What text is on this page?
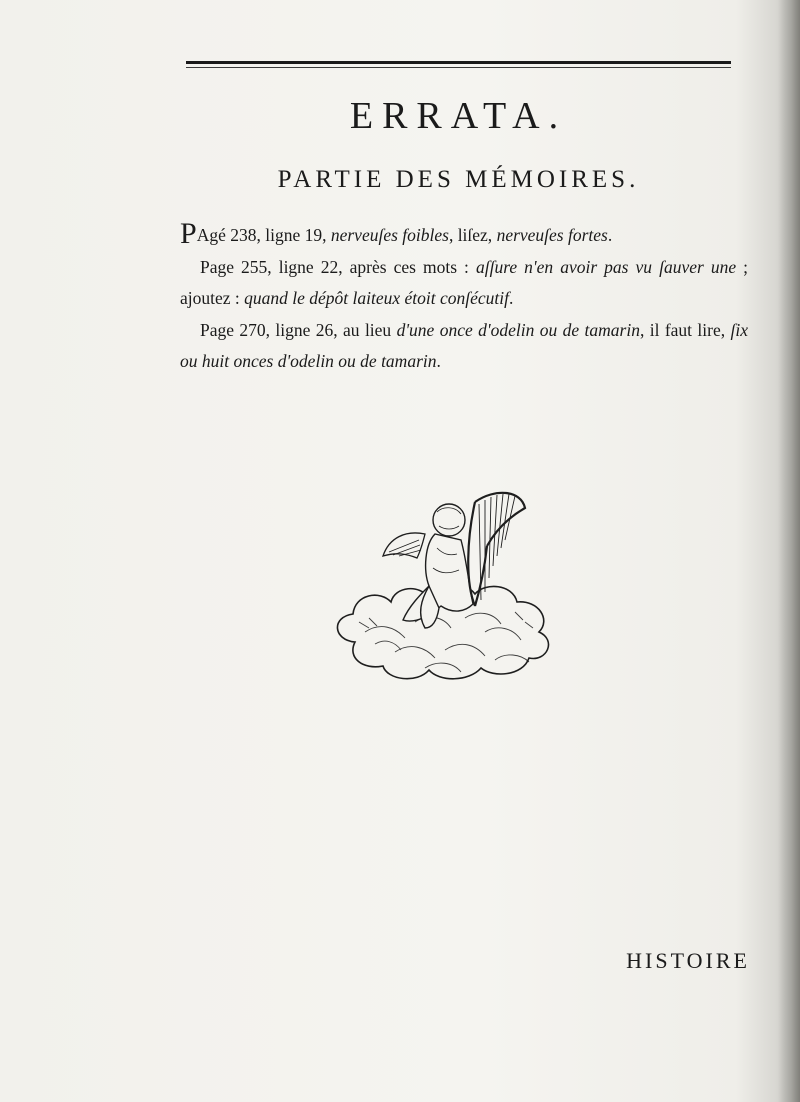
ERRATA.
PARTIE DES MÉMOIRES.

PAgé 238, ligne 19, nerveuſes foibles, liſez, nerveuſes fortes.

Page 255, ligne 22, après ces mots : aſſure n'en avoir pas vu ſauver une ; ajoutez : quand le dépôt laiteux étoit conſécutif.

Page 270, ligne 26, au lieu d'une once d'odelin ou de tamarin, il faut lire, ſix ou huit onces d'odelin ou de tamarin.

HISTOIRE
